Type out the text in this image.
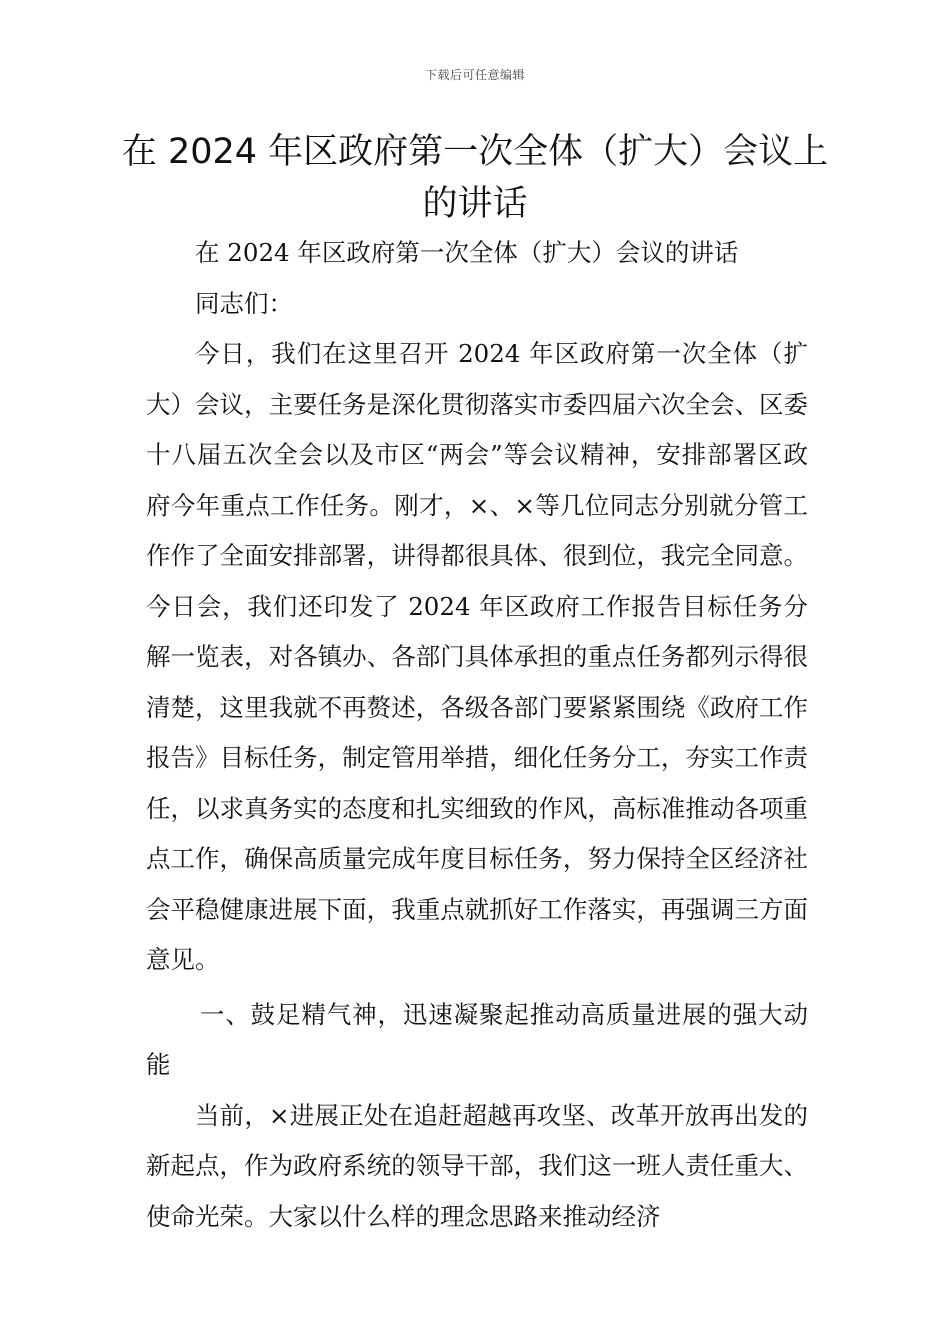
下载后可任意编辑
在 2024 年区政府第一次全体（扩大）会议上的讲话

在 2024 年区政府第一次全体（扩大）会议的讲话

同志们：

今日，我们在这里召开 2024 年区政府第一次全体（扩大）会议，主要任务是深化贯彻落实市委四届六次全会、区委十八届五次全会以及市区“两会”等会议精神，安排部署区政府今年重点工作任务。刚才，×、×等几位同志分别就分管工作作了全面安排部署，讲得都很具体、很到位，我完全同意。今日会，我们还印发了 2024 年区政府工作报告目标任务分解一览表，对各镇办、各部门具体承担的重点任务都列示得很清楚，这里我就不再赘述，各级各部门要紧紧围绕《政府工作报告》目标任务，制定管用举措，细化任务分工，夯实工作责任，以求真务实的态度和扎实细致的作风，高标准推动各项重点工作，确保高质量完成年度目标任务，努力保持全区经济社会平稳健康进展下面，我重点就抓好工作落实，再强调三方面意见。

一、鼓足精气神，迅速凝聚起推动高质量进展的强大动能

当前，×进展正处在追赶超越再攻坚、改革开放再出发的新起点，作为政府系统的领导干部，我们这一班人责任重大、使命光荣。大家以什么样的理念思路来推动经济
